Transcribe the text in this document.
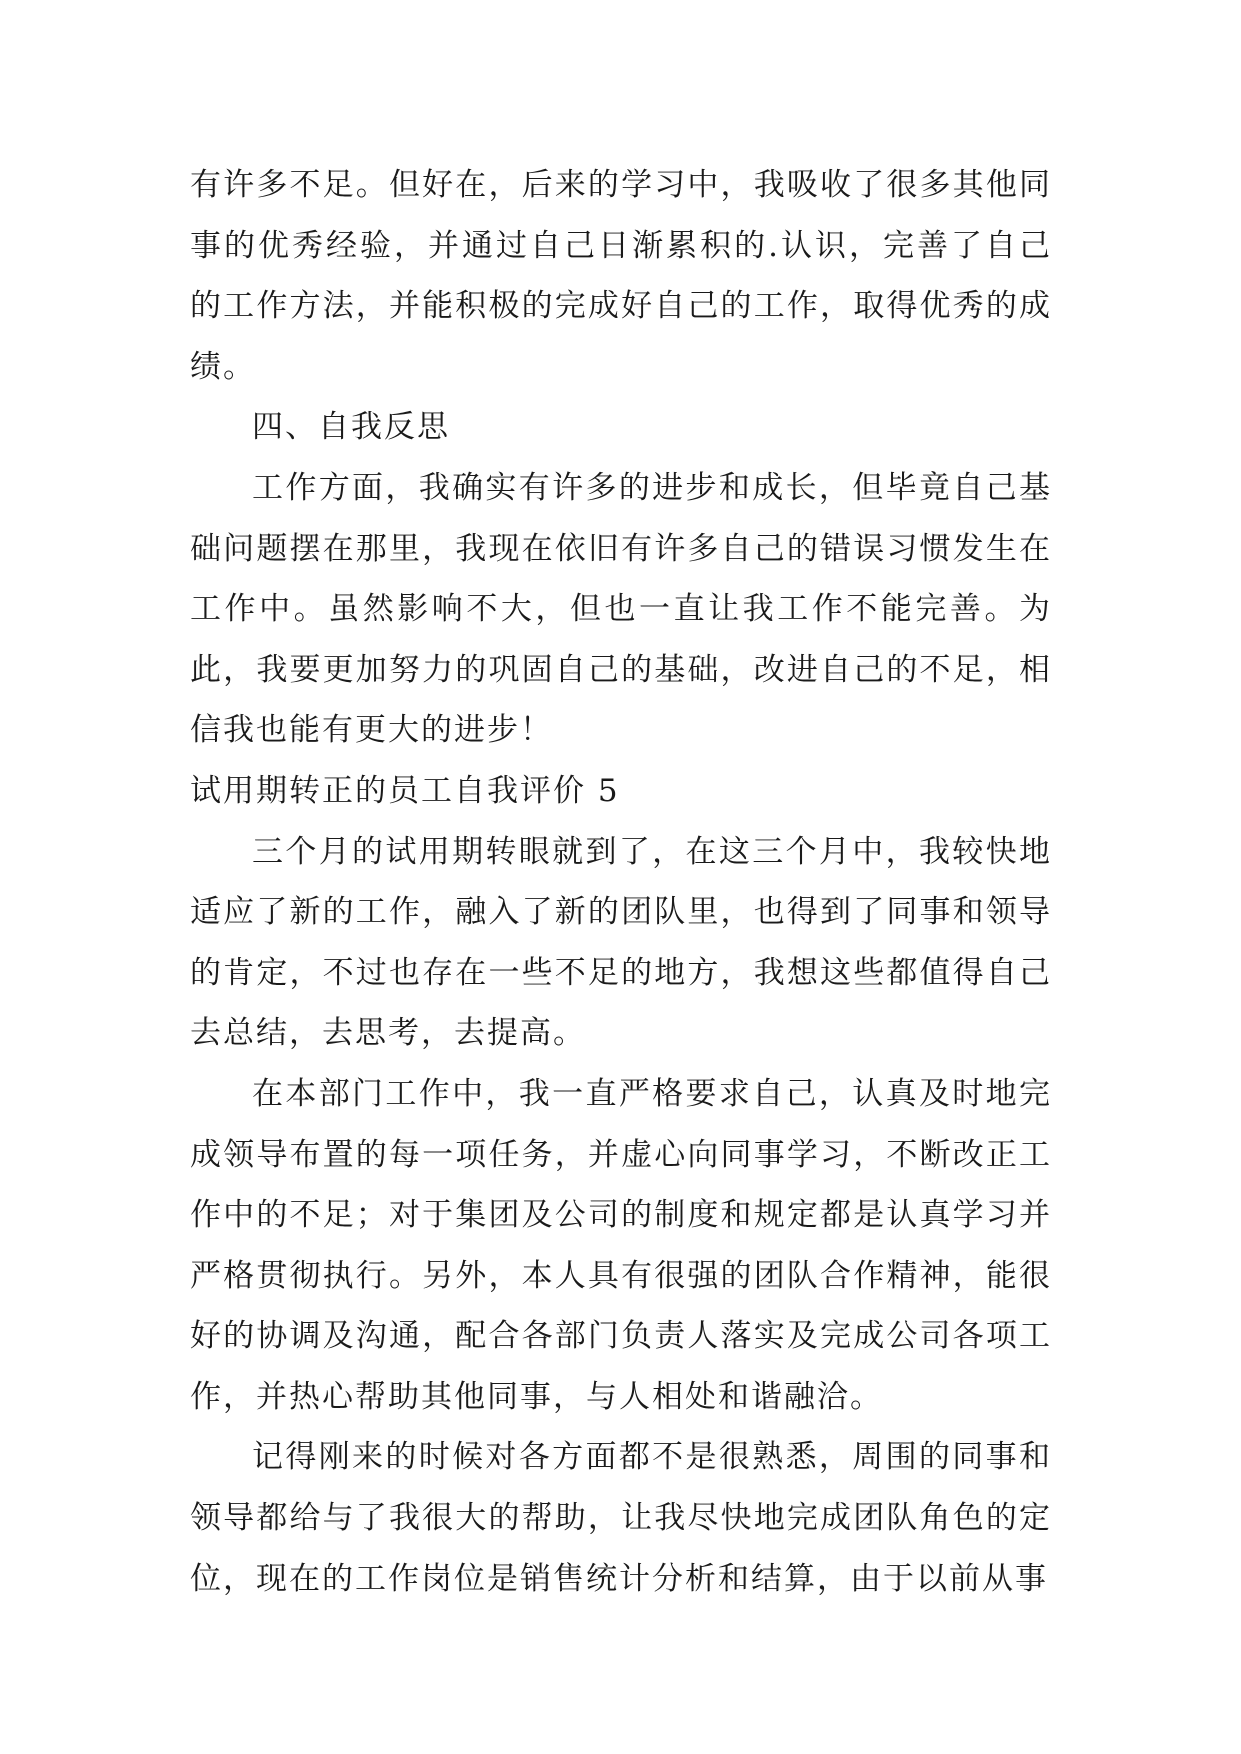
有许多不足。但好在，后来的学习中，我吸收了很多其他同事的优秀经验，并通过自己日渐累积的.认识，完善了自己的工作方法，并能积极的完成好自己的工作，取得优秀的成绩。

四、自我反思

工作方面，我确实有许多的进步和成长，但毕竟自己基础问题摆在那里，我现在依旧有许多自己的错误习惯发生在工作中。虽然影响不大，但也一直让我工作不能完善。为此，我要更加努力的巩固自己的基础，改进自己的不足，相信我也能有更大的进步！

试用期转正的员工自我评价 5

三个月的试用期转眼就到了，在这三个月中，我较快地适应了新的工作，融入了新的团队里，也得到了同事和领导的肯定，不过也存在一些不足的地方，我想这些都值得自己去总结，去思考，去提高。

在本部门工作中，我一直严格要求自己，认真及时地完成领导布置的每一项任务，并虚心向同事学习，不断改正工作中的不足；对于集团及公司的制度和规定都是认真学习并严格贯彻执行。另外，本人具有很强的团队合作精神，能很好的协调及沟通，配合各部门负责人落实及完成公司各项工作，并热心帮助其他同事，与人相处和谐融洽。

记得刚来的时候对各方面都不是很熟悉，周围的同事和领导都给与了我很大的帮助，让我尽快地完成团队角色的定位，现在的工作岗位是销售统计分析和结算，由于以前从事
